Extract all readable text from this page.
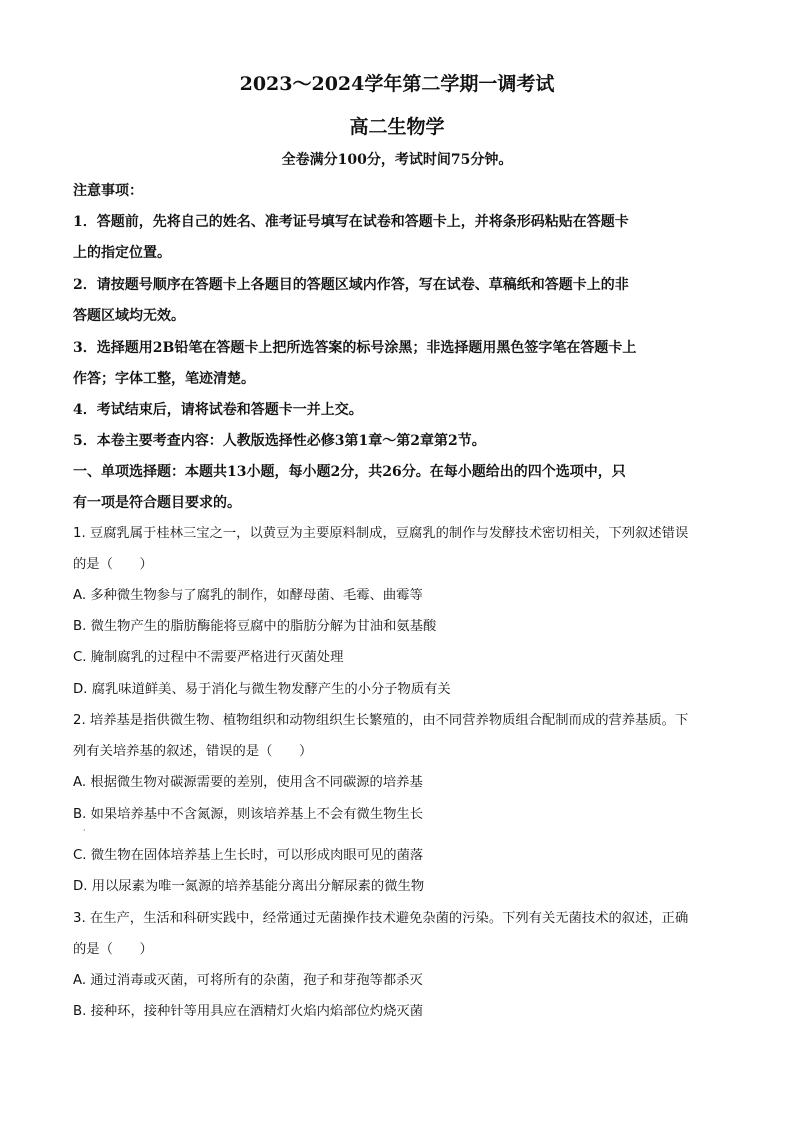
2023～2024学年第二学期一调考试
高二生物学
全卷满分100分，考试时间75分钟。
注意事项：
1．答题前，先将自己的姓名、准考证号填写在试卷和答题卡上，并将条形码粘贴在答题卡
上的指定位置。
2．请按题号顺序在答题卡上各题目的答题区域内作答，写在试卷、草稿纸和答题卡上的非
答题区域均无效。
3．选择题用2B铅笔在答题卡上把所选答案的标号涂黑；非选择题用黑色签字笔在答题卡上
作答；字体工整，笔迹清楚。
4．考试结束后，请将试卷和答题卡一并上交。
5．本卷主要考查内容：人教版选择性必修3第1章～第2章第2节。
一、单项选择题：本题共13小题，每小题2分，共26分。在每小题给出的四个选项中，只
有一项是符合题目要求的。
1. 豆腐乳属于桂林三宝之一，以黄豆为主要原料制成，豆腐乳的制作与发酵技术密切相关，下列叙述错误
的是（　　）
A. 多种微生物参与了腐乳的制作，如酵母菌、毛霉、曲霉等
B. 微生物产生的脂肪酶能将豆腐中的脂肪分解为甘油和氨基酸
C. 腌制腐乳的过程中不需要严格进行灭菌处理
D. 腐乳味道鲜美、易于消化与微生物发酵产生的小分子物质有关
2. 培养基是指供微生物、植物组织和动物组织生长繁殖的，由不同营养物质组合配制而成的营养基质。下
列有关培养基的叙述，错误的是（　　）
A. 根据微生物对碳源需要的差别，使用含不同碳源的培养基
B. 如果培养基中不含氮源，则该培养基上不会有微生物生长
·
C. 微生物在固体培养基上生长时，可以形成肉眼可见的菌落
D. 用以尿素为唯一氮源的培养基能分离出分解尿素的微生物
3. 在生产，生活和科研实践中，经常通过无菌操作技术避免杂菌的污染。下列有关无菌技术的叙述，正确
的是（　　）
A. 通过消毒或灭菌，可将所有的杂菌，孢子和芽孢等都杀灭
B. 接种环，接种针等用具应在酒精灯火焰内焰部位灼烧灭菌
